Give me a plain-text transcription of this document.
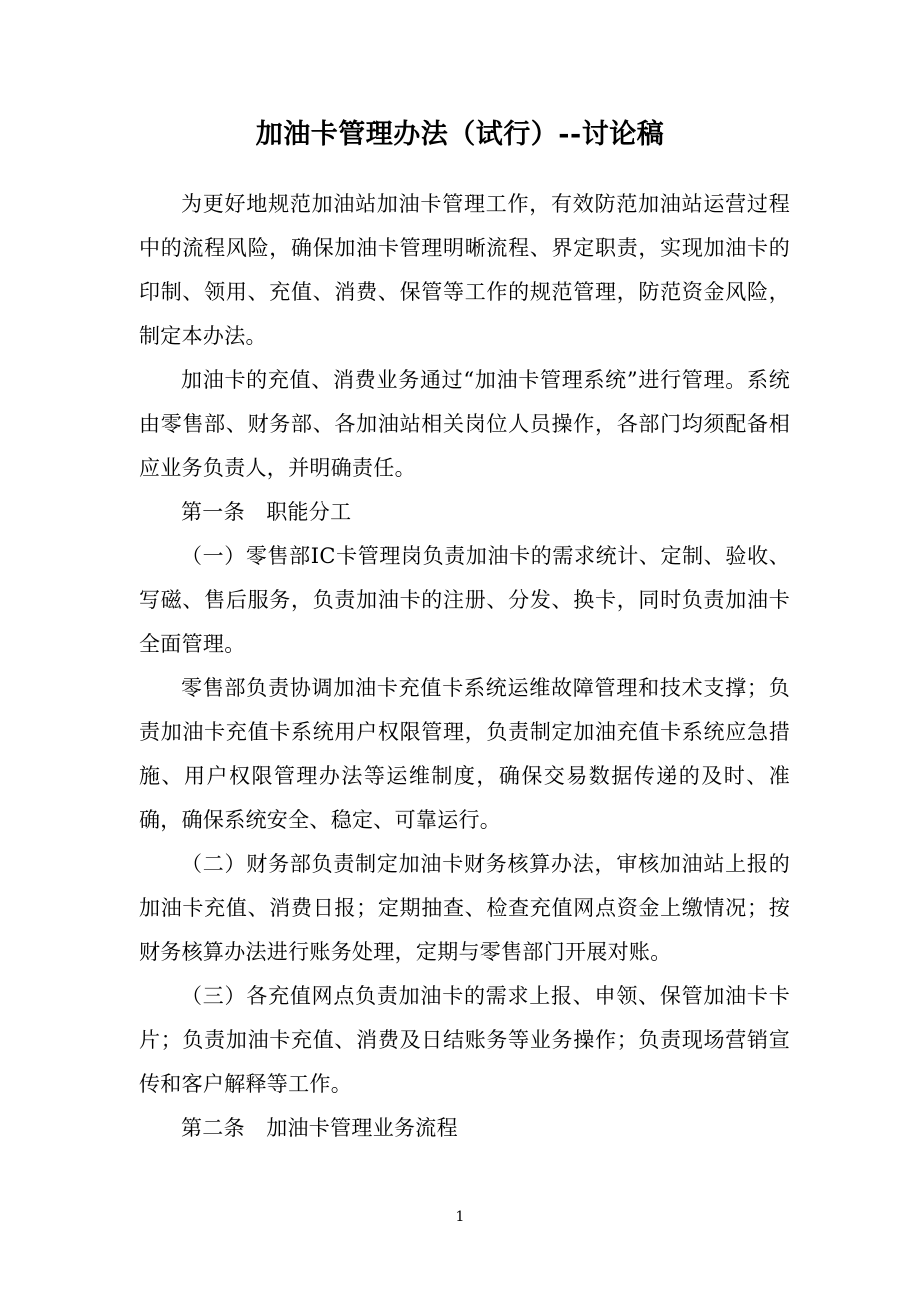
加油卡管理办法（试行）--讨论稿

为更好地规范加油站加油卡管理工作，有效防范加油站运营过程中的流程风险，确保加油卡管理明晰流程、界定职责，实现加油卡的印制、领用、充值、消费、保管等工作的规范管理，防范资金风险，制定本办法。

加油卡的充值、消费业务通过“加油卡管理系统”进行管理。系统由零售部、财务部、各加油站相关岗位人员操作，各部门均须配备相应业务负责人，并明确责任。

第一条　职能分工

（一）零售部IC卡管理岗负责加油卡的需求统计、定制、验收、写磁、售后服务，负责加油卡的注册、分发、换卡，同时负责加油卡全面管理。

零售部负责协调加油卡充值卡系统运维故障管理和技术支撑；负责加油卡充值卡系统用户权限管理，负责制定加油充值卡系统应急措施、用户权限管理办法等运维制度，确保交易数据传递的及时、准确，确保系统安全、稳定、可靠运行。

（二）财务部负责制定加油卡财务核算办法，审核加油站上报的加油卡充值、消费日报；定期抽查、检查充值网点资金上缴情况；按财务核算办法进行账务处理，定期与零售部门开展对账。

（三）各充值网点负责加油卡的需求上报、申领、保管加油卡卡片；负责加油卡充值、消费及日结账务等业务操作；负责现场营销宣传和客户解释等工作。

第二条　加油卡管理业务流程

1
